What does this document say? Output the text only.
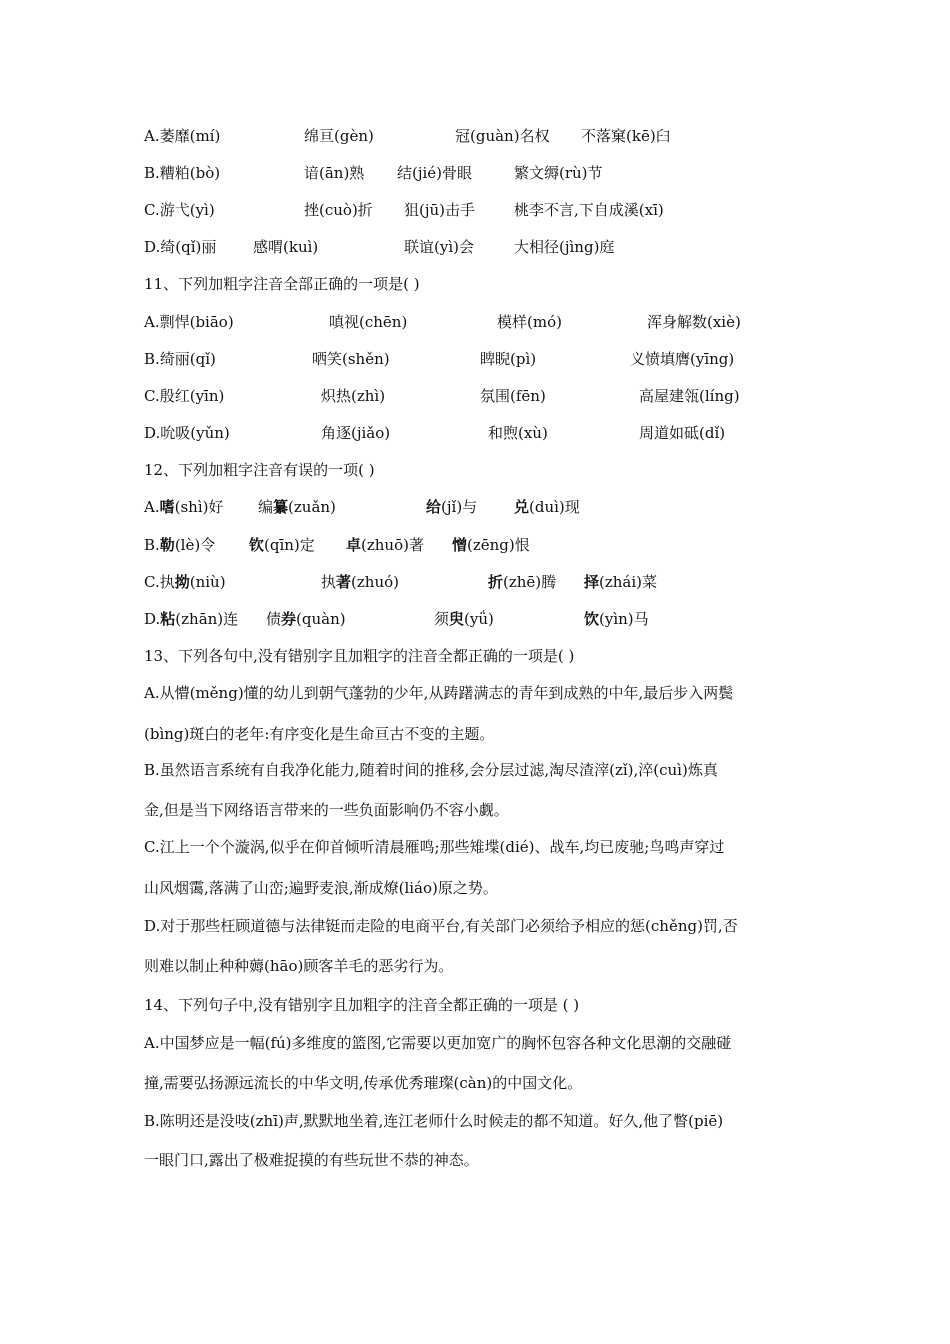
A.萎靡(mí)	绵亘(gèn)	冠(guàn)名权 不落窠(kē)臼
B.糟粕(bò)	谙(ān)熟 结(jié)骨眼	繁文缛(rù)节
C.游弋(yì)	挫(cuò)折 狙(jū)击手	桃李不言,下自成溪(xī)
D.绮(qǐ)丽 感喟(kuì)	联谊(yì)会	大相径(jìng)庭
11、下列加粗字注音全部正确的一项是( )
A.剽悍(biāo)	嗔视(chēn)	模样(mó)	浑身解数(xiè)
B.绮丽(qǐ)	哂笑(shěn)	睥睨(pì)	义愤填膺(yīng)
C.殷红(yīn)	炽热(zhì)	氛围(fēn)	高屋建瓴(líng)
D.吮吸(yǔn)	角逐(jiǎo)	和煦(xù)	周道如砥(dǐ)
12、下列加粗字注音有误的一项( )
A.嗜(shì)好 编纂(zuǎn)	给(jǐ)与 兑(duì)现
B.勒(lè)令 钦(qīn)定 卓(zhuō)著 憎(zēng)恨
C.执拗(niù)	执著(zhuó)	折(zhē)腾 择(zhái)菜
D.粘(zhān)连 债券(quàn)	须臾(yǘ)	饮(yìn)马
13、下列各句中,没有错别字且加粗字的注音全都正确的一项是( )
A.从懵(měng)懂的幼儿到朝气蓬勃的少年,从踌躇满志的青年到成熟的中年,最后步入两鬓
(bìng)斑白的老年:有序变化是生命亘古不变的主题。
B.虽然语言系统有自我净化能力,随着时间的推移,会分层过滤,淘尽渣滓(zǐ),淬(cuì)炼真
金,但是当下网络语言带来的一些负面影响仍不容小觑。
C.江上一个个漩涡,似乎在仰首倾听清晨雁鸣;那些雉堞(dié)、战车,均已废驰;鸟鸣声穿过
山风烟霭,落满了山峦;遍野麦浪,渐成燎(liáo)原之势。
D.对于那些枉顾道德与法律铤而走险的电商平台,有关部门必须给予相应的惩(chěng)罚,否
则难以制止种种薅(hāo)顾客羊毛的恶劣行为。
14、下列句子中,没有错别字且加粗字的注音全都正确的一项是 ( )
A.中国梦应是一幅(fú)多维度的篮图,它需要以更加宽广的胸怀包容各种文化思潮的交融碰
撞,需要弘扬源远流长的中华文明,传承优秀璀璨(càn)的中国文化。
B.陈明还是没吱(zhī)声,默默地坐着,连江老师什么时候走的都不知道。好久,他了瞥(piē)
一眼门口,露出了极难捉摸的有些玩世不恭的神态。
